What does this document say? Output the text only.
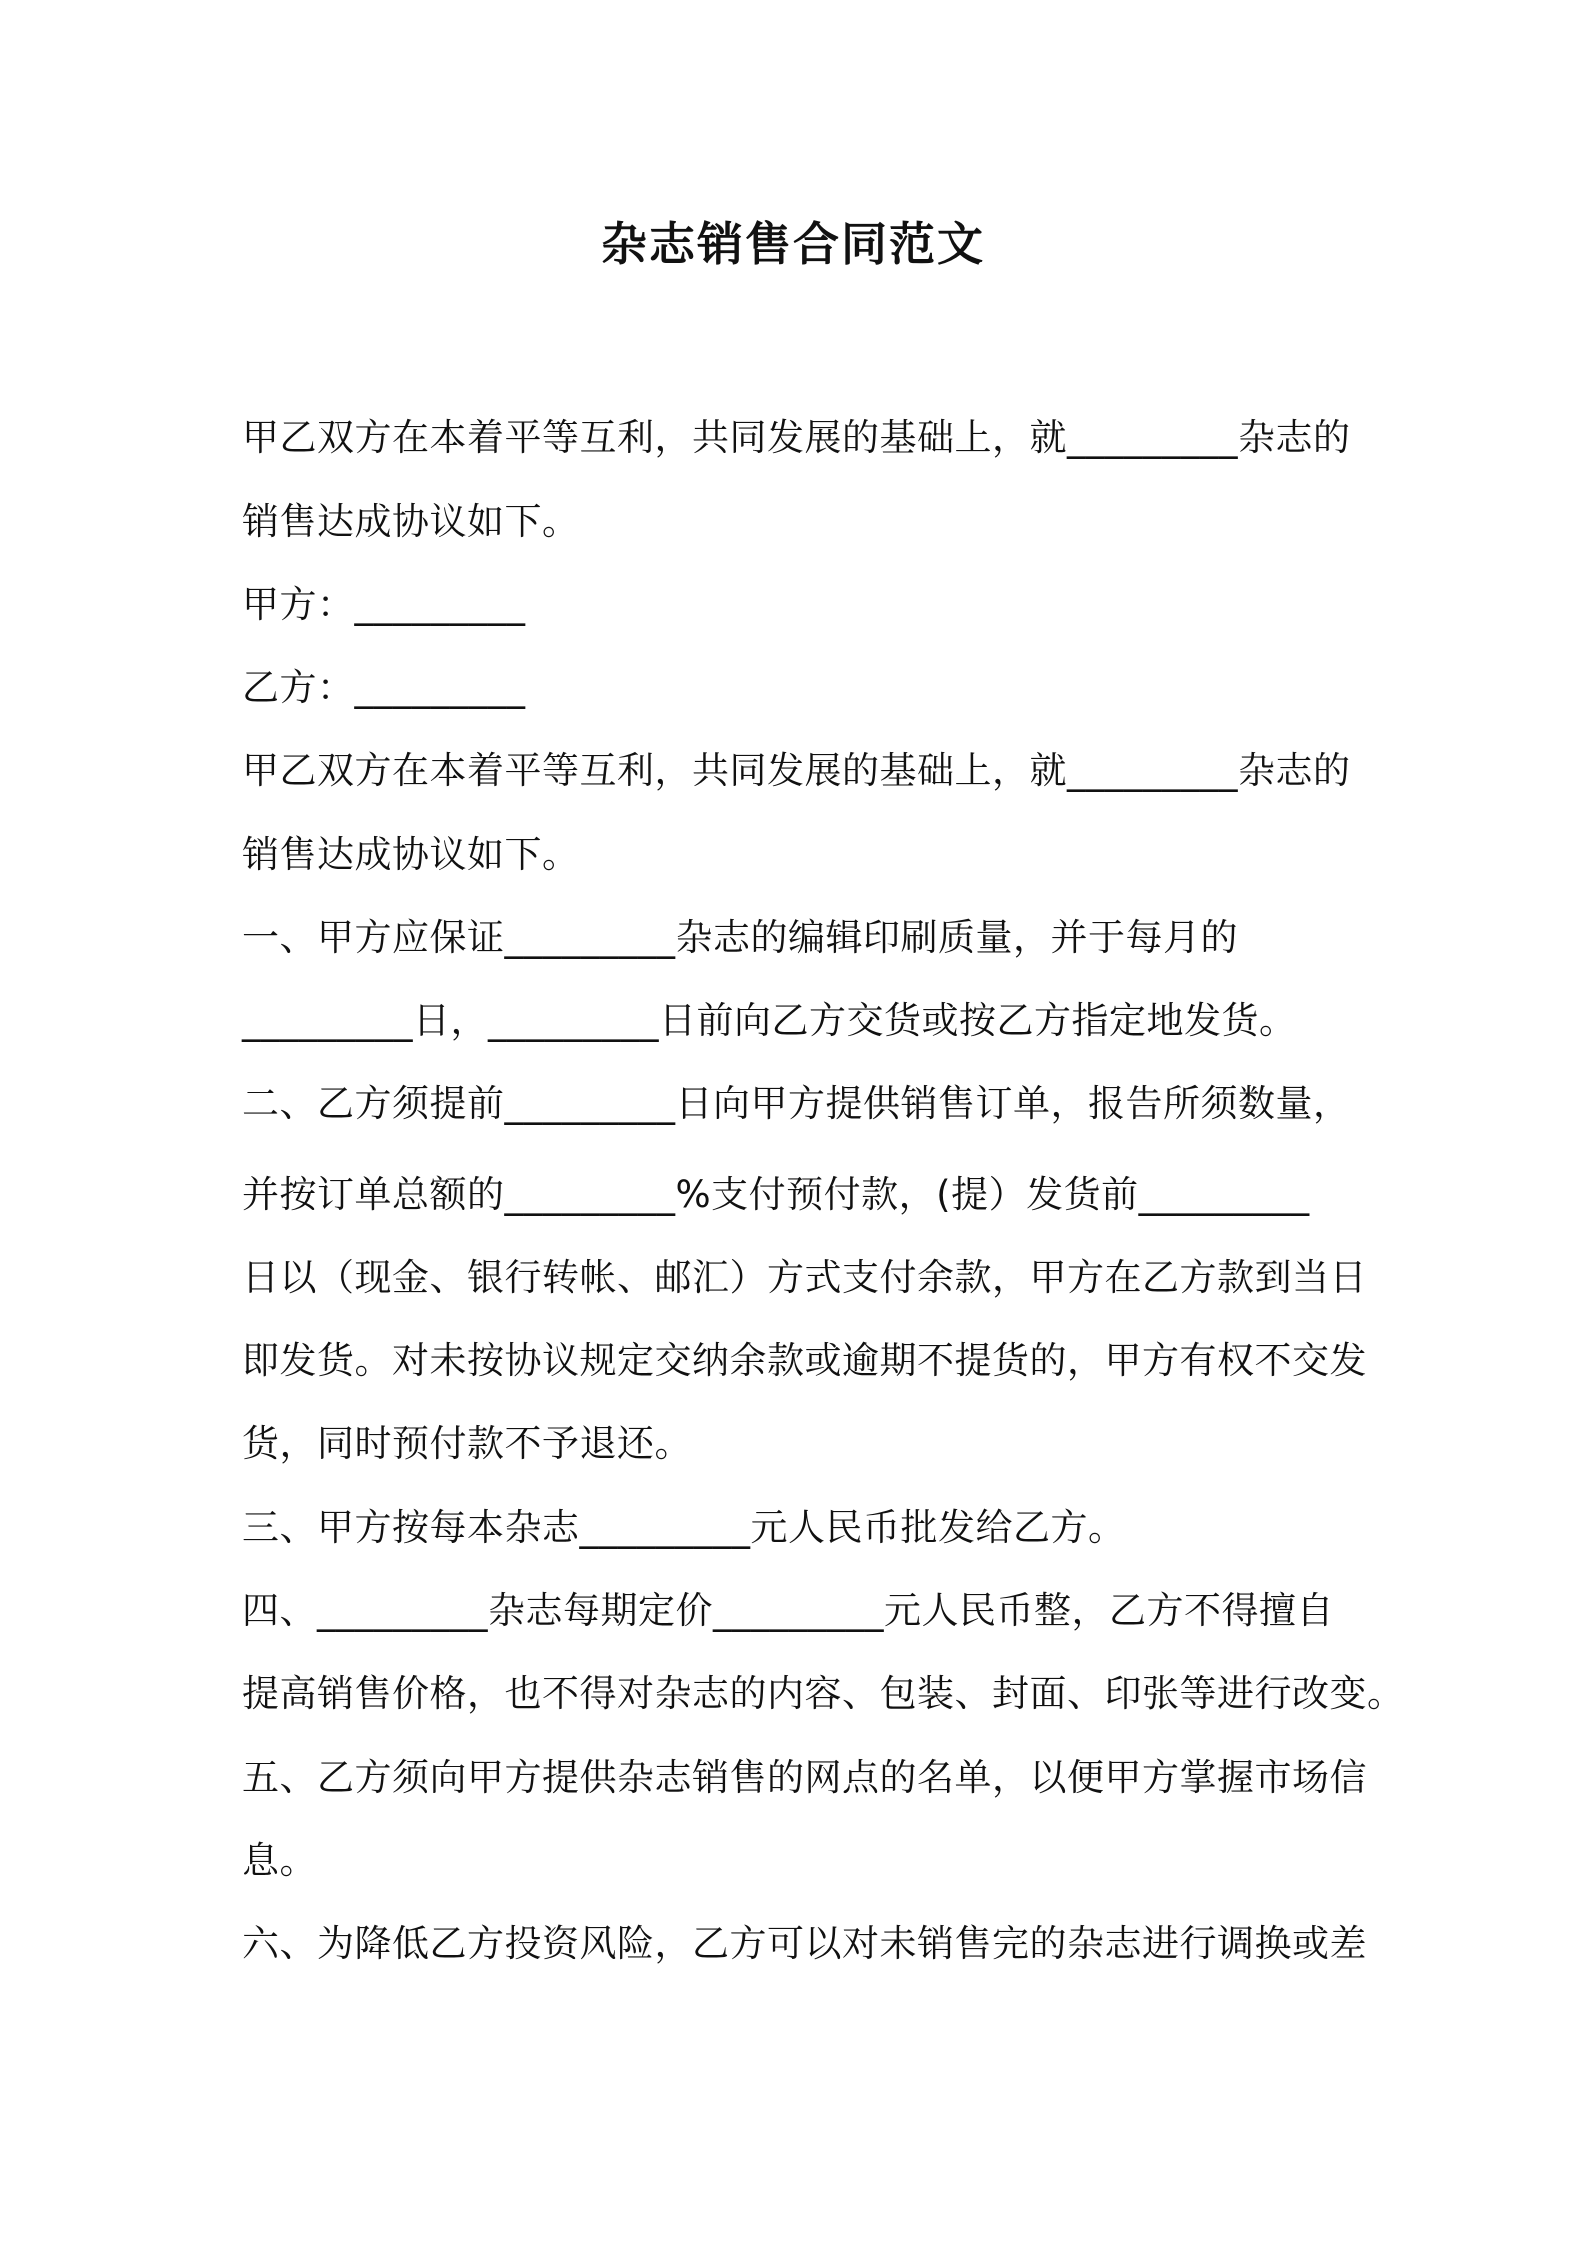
杂志销售合同范文
甲乙双方在本着平等互利，共同发展的基础上，就_________杂志的
销售达成协议如下。
甲方：_________
乙方：_________
甲乙双方在本着平等互利，共同发展的基础上，就_________杂志的
销售达成协议如下。
一、甲方应保证_________杂志的编辑印刷质量，并于每月的
_________日，_________日前向乙方交货或按乙方指定地发货。
二、乙方须提前_________日向甲方提供销售订单，报告所须数量，
并按订单总额的_________%支付预付款，(提）发货前_________
日以（现金、银行转帐、邮汇）方式支付余款，甲方在乙方款到当日
即发货。对未按协议规定交纳余款或逾期不提货的，甲方有权不交发
货，同时预付款不予退还。
三、甲方按每本杂志_________元人民币批发给乙方。
四、_________杂志每期定价_________元人民币整，乙方不得擅自
提高销售价格，也不得对杂志的内容、包装、封面、印张等进行改变。
五、乙方须向甲方提供杂志销售的网点的名单，以便甲方掌握市场信
息。
六、为降低乙方投资风险，乙方可以对未销售完的杂志进行调换或差
